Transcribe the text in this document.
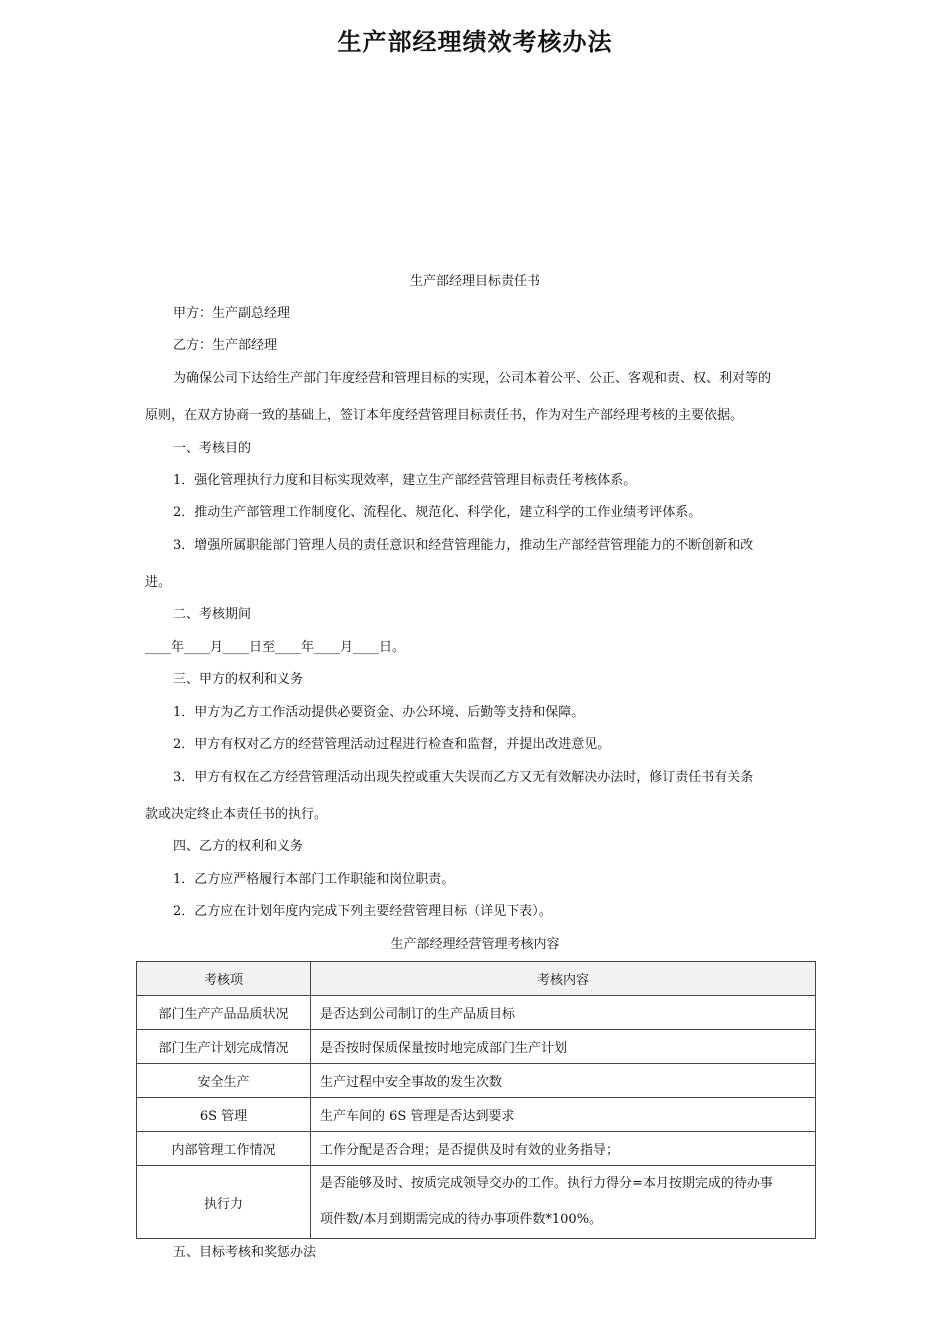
生产部经理绩效考核办法
生产部经理目标责任书
甲方：生产副总经理
乙方：生产部经理
为确保公司下达给生产部门年度经营和管理目标的实现，公司本着公平、公正、客观和责、权、利对等的
原则，在双方协商一致的基础上，签订本年度经营管理目标责任书，作为对生产部经理考核的主要依据。
一、考核目的
1．强化管理执行力度和目标实现效率，建立生产部经营管理目标责任考核体系。
2．推动生产部管理工作制度化、流程化、规范化、科学化，建立科学的工作业绩考评体系。
3．增强所属职能部门管理人员的责任意识和经营管理能力，推动生产部经营管理能力的不断创新和改
进。
二、考核期间
____年____月____日至____年____月____日。
三、甲方的权利和义务
1．甲方为乙方工作活动提供必要资金、办公环境、后勤等支持和保障。
2．甲方有权对乙方的经营管理活动过程进行检查和监督，并提出改进意见。
3．甲方有权在乙方经营管理活动出现失控或重大失误而乙方又无有效解决办法时，修订责任书有关条
款或决定终止本责任书的执行。
四、乙方的权利和义务
1．乙方应严格履行本部门工作职能和岗位职责。
2．乙方应在计划年度内完成下列主要经营管理目标（详见下表）。
生产部经理经营管理考核内容
考核项	考核内容
部门生产产品品质状况	是否达到公司制订的生产品质目标
部门生产计划完成情况	是否按时保质保量按时地完成部门生产计划
安全生产	生产过程中安全事故的发生次数
6S 管理	生产车间的 6S 管理是否达到要求
内部管理工作情况	工作分配是否合理；是否提供及时有效的业务指导；
执行力	是否能够及时、按质完成领导交办的工作。执行力得分=本月按期完成的待办事
项件数/本月到期需完成的待办事项件数*100%。
五、目标考核和奖惩办法
